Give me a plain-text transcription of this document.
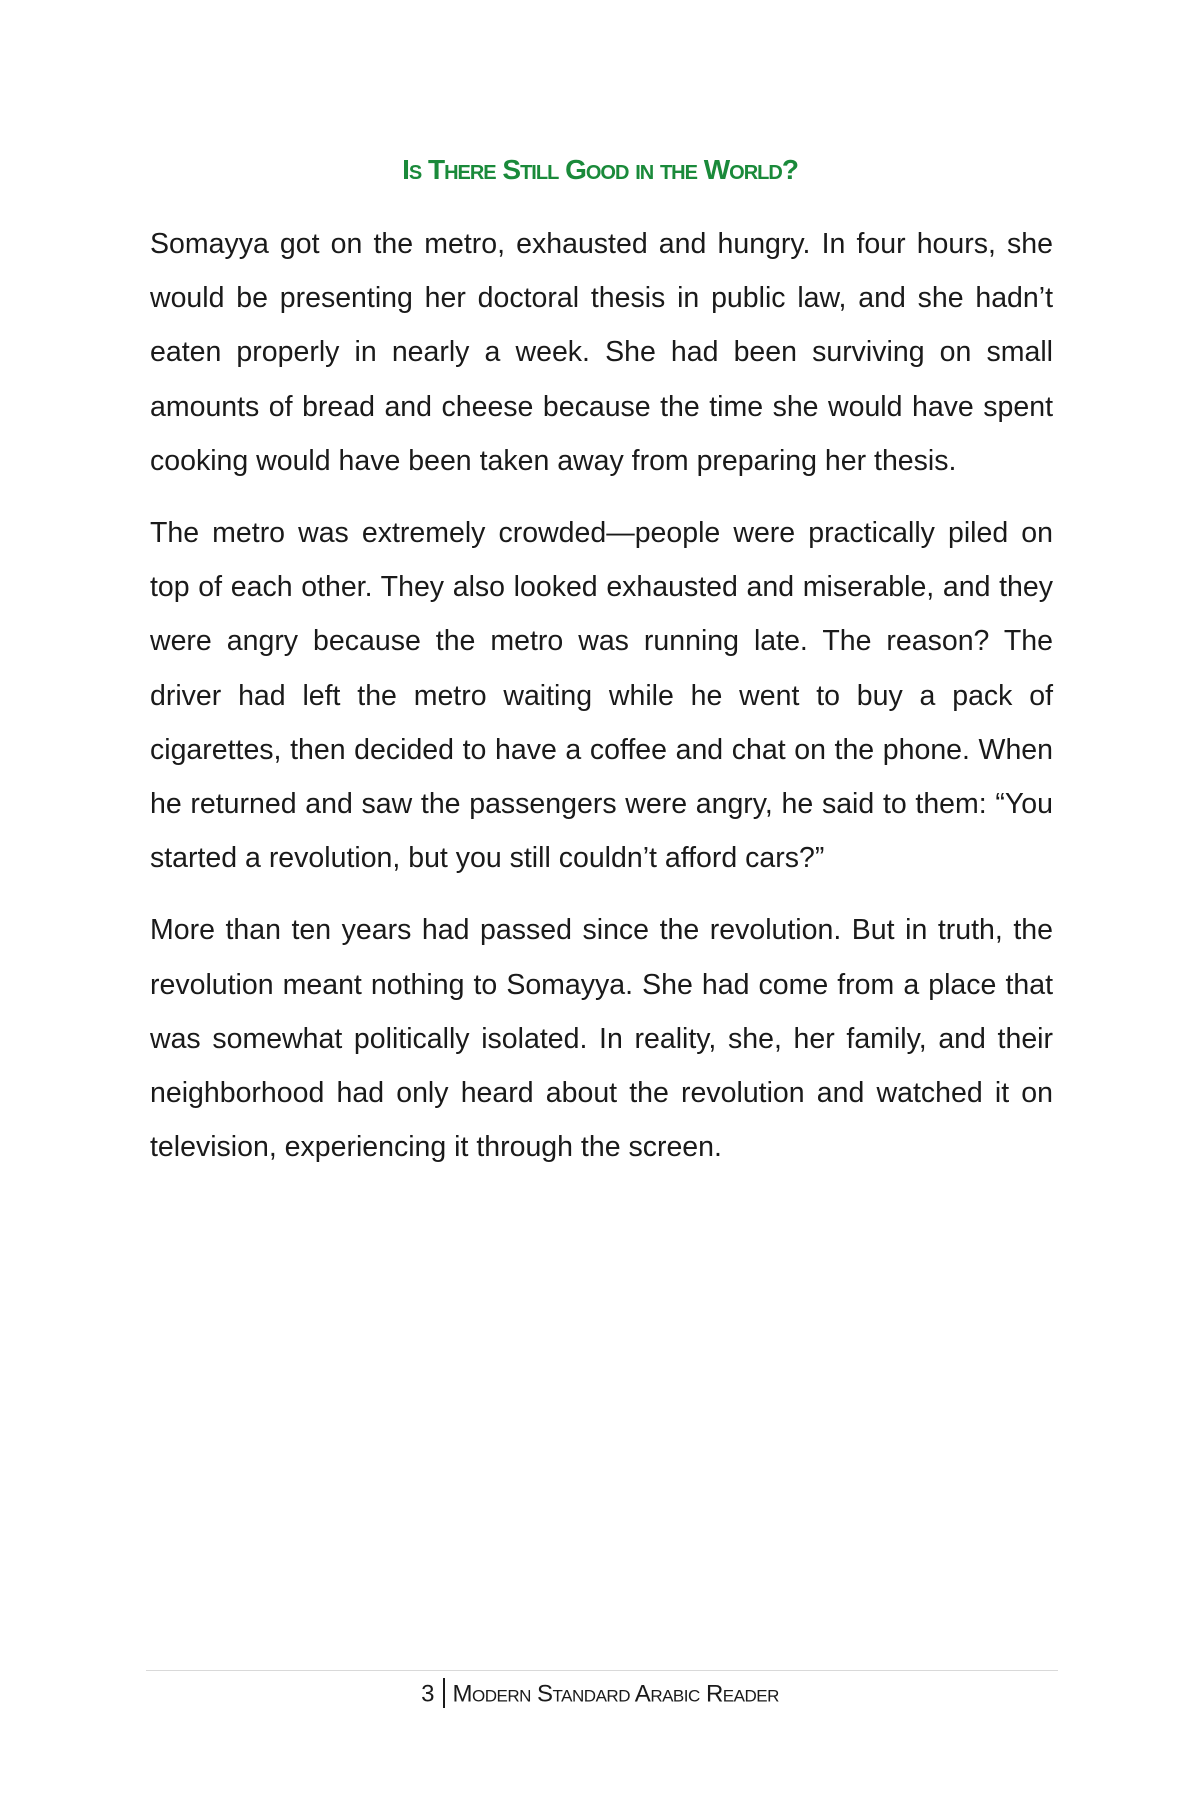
Is There Still Good in the World?

Somayya got on the metro, exhausted and hungry. In four hours, she would be presenting her doctoral thesis in public law, and she hadn’t eaten properly in nearly a week. She had been surviving on small amounts of bread and cheese because the time she would have spent cooking would have been taken away from preparing her thesis.

The metro was extremely crowded—people were practically piled on top of each other. They also looked exhausted and miserable, and they were angry because the metro was running late. The reason? The driver had left the metro waiting while he went to buy a pack of cigarettes, then decided to have a coffee and chat on the phone. When he returned and saw the passengers were angry, he said to them: “You started a revolution, but you still couldn’t afford cars?”

More than ten years had passed since the revolution. But in truth, the revolution meant nothing to Somayya. She had come from a place that was somewhat politically isolated. In reality, she, her family, and their neighborhood had only heard about the revolution and watched it on television, experiencing it through the screen.

3 Modern Standard Arabic Reader
